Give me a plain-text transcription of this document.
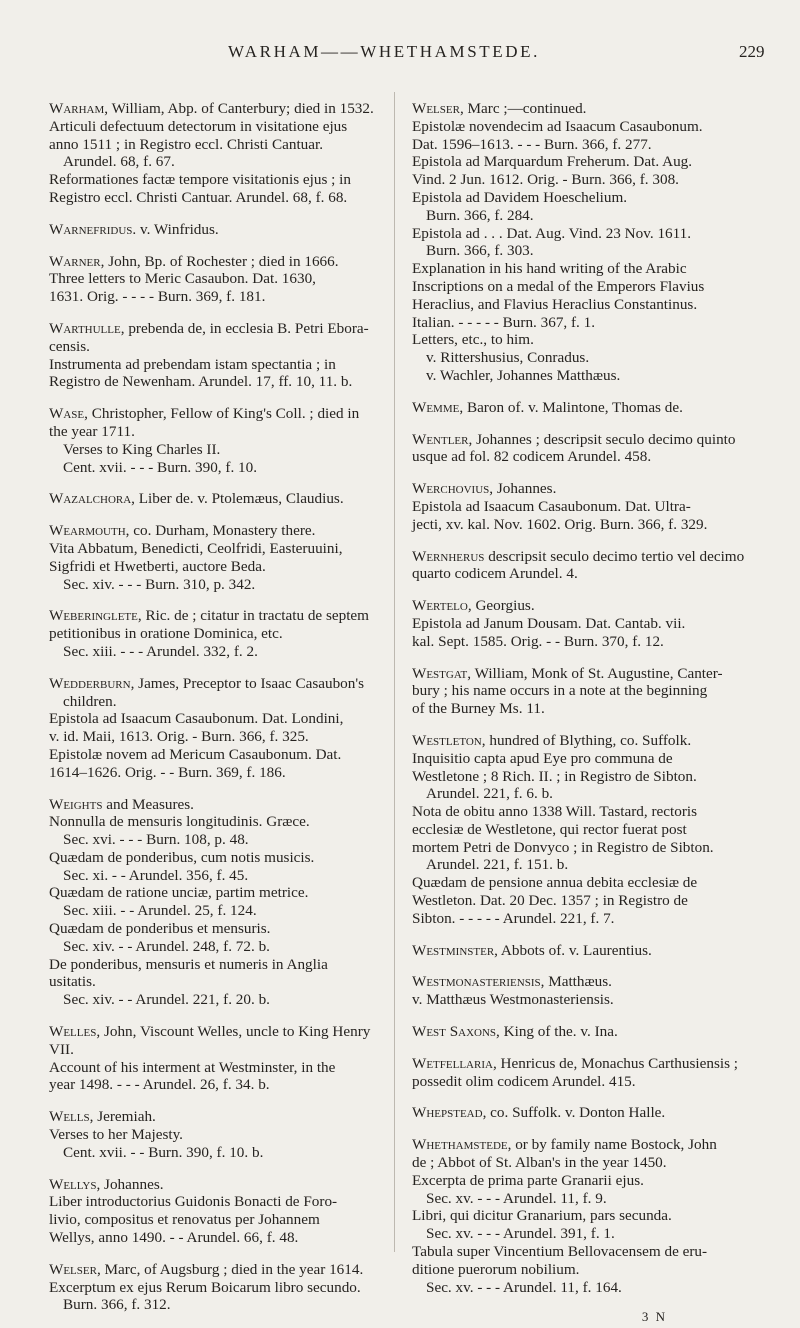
WARHAM——WHETHAMSTEDE.	229
Warham, William, Abp. of Canterbury; died in 1532.
Articuli defectuum detectorum in visitatione ejus
anno 1511 ; in Registro eccl. Christi Cantuar.
Arundel. 68, f. 67.
Reformationes factæ tempore visitationis ejus ; in
Registro eccl. Christi Cantuar. Arundel. 68, f. 68.
Warnefridus. v. Winfridus.
Warner, John, Bp. of Rochester ; died in 1666.
Three letters to Meric Casaubon. Dat. 1630,
1631. Orig. - - - - Burn. 369, f. 181.
Warthulle, prebenda de, in ecclesia B. Petri Ebora-
censis.
Instrumenta ad prebendam istam spectantia ; in
Registro de Newenham. Arundel. 17, ff. 10, 11. b.
Wase, Christopher, Fellow of King's Coll. ; died in
the year 1711.
Verses to King Charles II.
Cent. xvii. - - - Burn. 390, f. 10.
Wazalchora, Liber de. v. Ptolemæus, Claudius.
Wearmouth, co. Durham, Monastery there.
Vita Abbatum, Benedicti, Ceolfridi, Easteruuini,
Sigfridi et Hwetberti, auctore Beda.
Sec. xiv. - - - Burn. 310, p. 342.
Weberinglete, Ric. de ; citatur in tractatu de septem
petitionibus in oratione Dominica, etc.
Sec. xiii. - - - Arundel. 332, f. 2.
Wedderburn, James, Preceptor to Isaac Casaubon's
children.
Epistola ad Isaacum Casaubonum. Dat. Londini,
v. id. Maii, 1613. Orig. - Burn. 366, f. 325.
Epistolæ novem ad Mericum Casaubonum. Dat.
1614–1626. Orig. - - Burn. 369, f. 186.
Weights and Measures.
Nonnulla de mensuris longitudinis. Græce.
Sec. xvi. - - - Burn. 108, p. 48.
Quædam de ponderibus, cum notis musicis.
Sec. xi. - - Arundel. 356, f. 45.
Quædam de ratione unciæ, partim metrice.
Sec. xiii. - - Arundel. 25, f. 124.
Quædam de ponderibus et mensuris.
Sec. xiv. - - Arundel. 248, f. 72. b.
De ponderibus, mensuris et numeris in Anglia
usitatis.
Sec. xiv. - - Arundel. 221, f. 20. b.
Welles, John, Viscount Welles, uncle to King Henry
VII.
Account of his interment at Westminster, in the
year 1498. - - - Arundel. 26, f. 34. b.
Wells, Jeremiah.
Verses to her Majesty.
Cent. xvii. - - Burn. 390, f. 10. b.
Wellys, Johannes.
Liber introductorius Guidonis Bonacti de Foro-
livio, compositus et renovatus per Johannem
Wellys, anno 1490. - - Arundel. 66, f. 48.
Welser, Marc, of Augsburg ; died in the year 1614.
Excerptum ex ejus Rerum Boicarum libro secundo.
Burn. 366, f. 312.
Welser, Marc ;—continued.
Epistolæ novendecim ad Isaacum Casaubonum.
Dat. 1596–1613. - - - Burn. 366, f. 277.
Epistola ad Marquardum Freherum. Dat. Aug.
Vind. 2 Jun. 1612. Orig. - Burn. 366, f. 308.
Epistola ad Davidem Hoeschelium.
Burn. 366, f. 284.
Epistola ad . . . Dat. Aug. Vind. 23 Nov. 1611.
Burn. 366, f. 303.
Explanation in his hand writing of the Arabic
Inscriptions on a medal of the Emperors Flavius
Heraclius, and Flavius Heraclius Constantinus.
Italian. - - - - - Burn. 367, f. 1.
Letters, etc., to him.
v. Rittershusius, Conradus.
v. Wachler, Johannes Matthæus.
Wemme, Baron of. v. Malintone, Thomas de.
Wentler, Johannes ; descripsit seculo decimo quinto
usque ad fol. 82 codicem Arundel. 458.
Werchovius, Johannes.
Epistola ad Isaacum Casaubonum. Dat. Ultra-
jecti, xv. kal. Nov. 1602. Orig. Burn. 366, f. 329.
Wernherus descripsit seculo decimo tertio vel decimo
quarto codicem Arundel. 4.
Wertelo, Georgius.
Epistola ad Janum Dousam. Dat. Cantab. vii.
kal. Sept. 1585. Orig. - - Burn. 370, f. 12.
Westgat, William, Monk of St. Augustine, Canter-
bury ; his name occurs in a note at the beginning
of the Burney Ms. 11.
Westleton, hundred of Blything, co. Suffolk.
Inquisitio capta apud Eye pro communa de
Westletone ; 8 Rich. II. ; in Registro de Sibton.
Arundel. 221, f. 6. b.
Nota de obitu anno 1338 Will. Tastard, rectoris
ecclesiæ de Westletone, qui rector fuerat post
mortem Petri de Donvyco ; in Registro de Sibton.
Arundel. 221, f. 151. b.
Quædam de pensione annua debita ecclesiæ de
Westleton. Dat. 20 Dec. 1357 ; in Registro de
Sibton. - - - - - Arundel. 221, f. 7.
Westminster, Abbots of. v. Laurentius.
Westmonasteriensis, Matthæus.
v. Matthæus Westmonasteriensis.
West Saxons, King of the. v. Ina.
Wetfellaria, Henricus de, Monachus Carthusiensis ;
possedit olim codicem Arundel. 415.
Whepstead, co. Suffolk. v. Donton Halle.
Whethamstede, or by family name Bostock, John
de ; Abbot of St. Alban's in the year 1450.
Excerpta de prima parte Granarii ejus.
Sec. xv. - - - Arundel. 11, f. 9.
Libri, qui dicitur Granarium, pars secunda.
Sec. xv. - - - Arundel. 391, f. 1.
Tabula super Vincentium Bellovacensem de eru-
ditione puerorum nobilium.
Sec. xv. - - - Arundel. 11, f. 164.
3 N
